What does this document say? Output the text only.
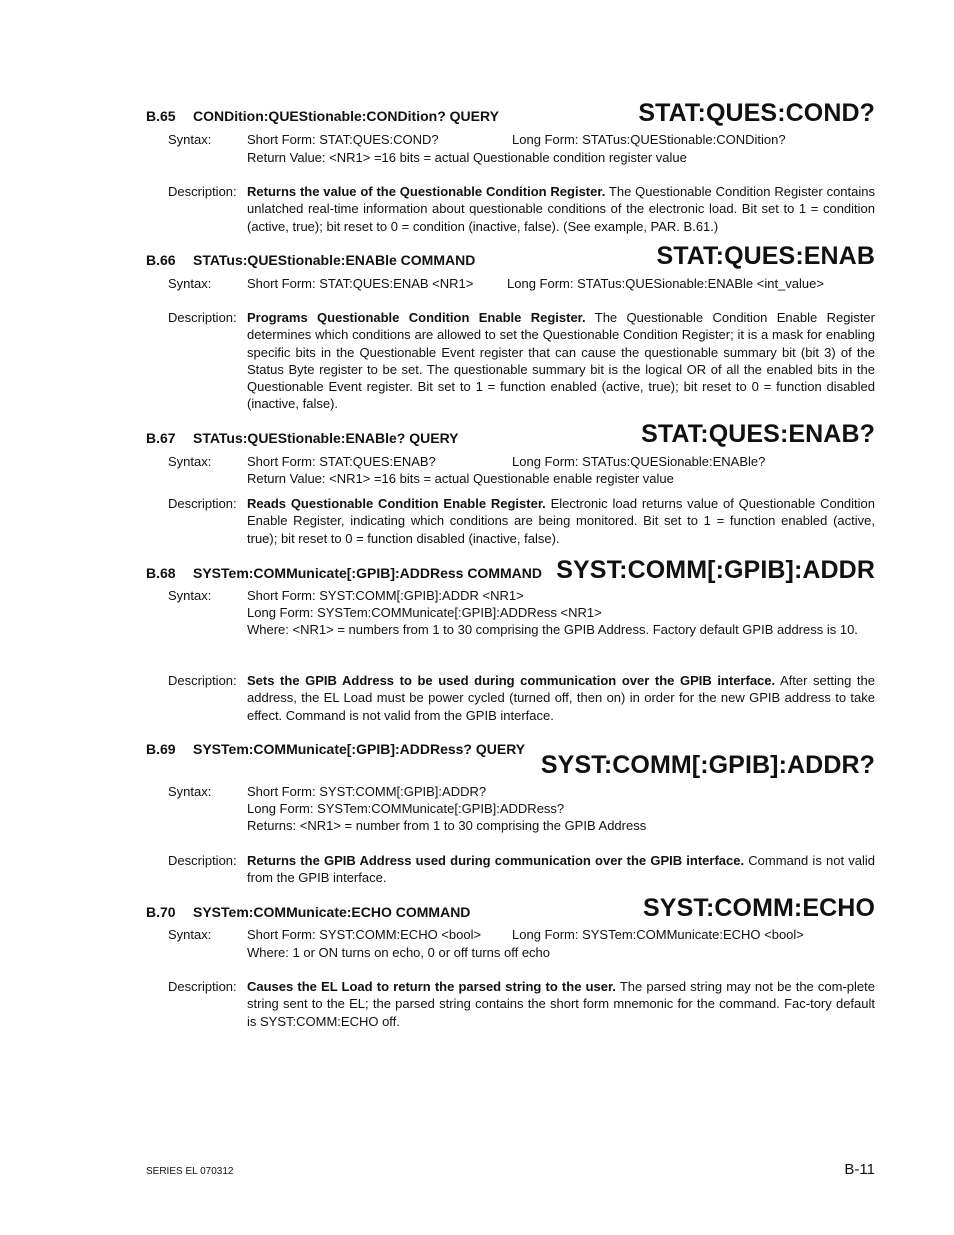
B.65 CONDition:QUEStionable:CONDition? QUERY	STAT:QUES:COND?
Syntax:	Short Form: STAT:QUES:COND?	Long Form: STATus:QUEStionable:CONDition?
Return Value: <NR1> =16 bits = actual Questionable condition register value
Description: Returns the value of the Questionable Condition Register. The Questionable Condition Register contains unlatched real-time information about questionable conditions of the electronic load. Bit set to 1 = condition (active, true); bit reset to 0 = condition (inactive, false). (See example, PAR. B.61.)
B.66 STATus:QUEStionable:ENABle COMMAND	STAT:QUES:ENAB
Syntax:	Short Form: STAT:QUES:ENAB <NR1>	Long Form: STATus:QUESionable:ENABle <int_value>
Description: Programs Questionable Condition Enable Register. The Questionable Condition Enable Register determines which conditions are allowed to set the Questionable Condition Register; it is a mask for enabling specific bits in the Questionable Event register that can cause the questionable summary bit (bit 3) of the Status Byte register to be set. The questionable summary bit is the logical OR of all the enabled bits in the Questionable Event register. Bit set to 1 = function enabled (active, true); bit reset to 0 = function disabled (inactive, false).
B.67 STATus:QUEStionable:ENABle? QUERY	STAT:QUES:ENAB?
Syntax:	Short Form: STAT:QUES:ENAB?	Long Form: STATus:QUESionable:ENABle?
Return Value: <NR1> =16 bits = actual Questionable enable register value
Description: Reads Questionable Condition Enable Register. Electronic load returns value of Questionable Condition Enable Register, indicating which conditions are being monitored. Bit set to 1 = function enabled (active, true); bit reset to 0 = function disabled (inactive, false).
B.68 SYSTem:COMMunicate[:GPIB]:ADDRess COMMAND SYST:COMM[:GPIB]:ADDR
Syntax:	Short Form: SYST:COMM[:GPIB]:ADDR <NR1>
Long Form: SYSTem:COMMunicate[:GPIB]:ADDRess <NR1>
Where: <NR1> = numbers from 1 to 30 comprising the GPIB Address. Factory default GPIB address is 10.
Description: Sets the GPIB Address to be used during communication over the GPIB interface. After setting the address, the EL Load must be power cycled (turned off, then on) in order for the new GPIB address to take effect. Command is not valid from the GPIB interface.
B.69 SYSTem:COMMunicate[:GPIB]:ADDRess? QUERY
SYST:COMM[:GPIB]:ADDR?
Syntax:	Short Form: SYST:COMM[:GPIB]:ADDR?
Long Form: SYSTem:COMMunicate[:GPIB]:ADDRess?
Returns: <NR1> = number from 1 to 30 comprising the GPIB Address
Description: Returns the GPIB Address used during communication over the GPIB interface. Command is not valid from the GPIB interface.
B.70 SYSTem:COMMunicate:ECHO COMMAND	SYST:COMM:ECHO
Syntax:	Short Form: SYST:COMM:ECHO <bool> Long Form: SYSTem:COMMunicate:ECHO <bool>
Where: 1 or ON turns on echo, 0 or off turns off echo
Description: Causes the EL Load to return the parsed string to the user. The parsed string may not be the com-plete string sent to the EL; the parsed string contains the short form mnemonic for the command. Fac-tory default is SYST:COMM:ECHO off.
SERIES EL 070312	B-11
